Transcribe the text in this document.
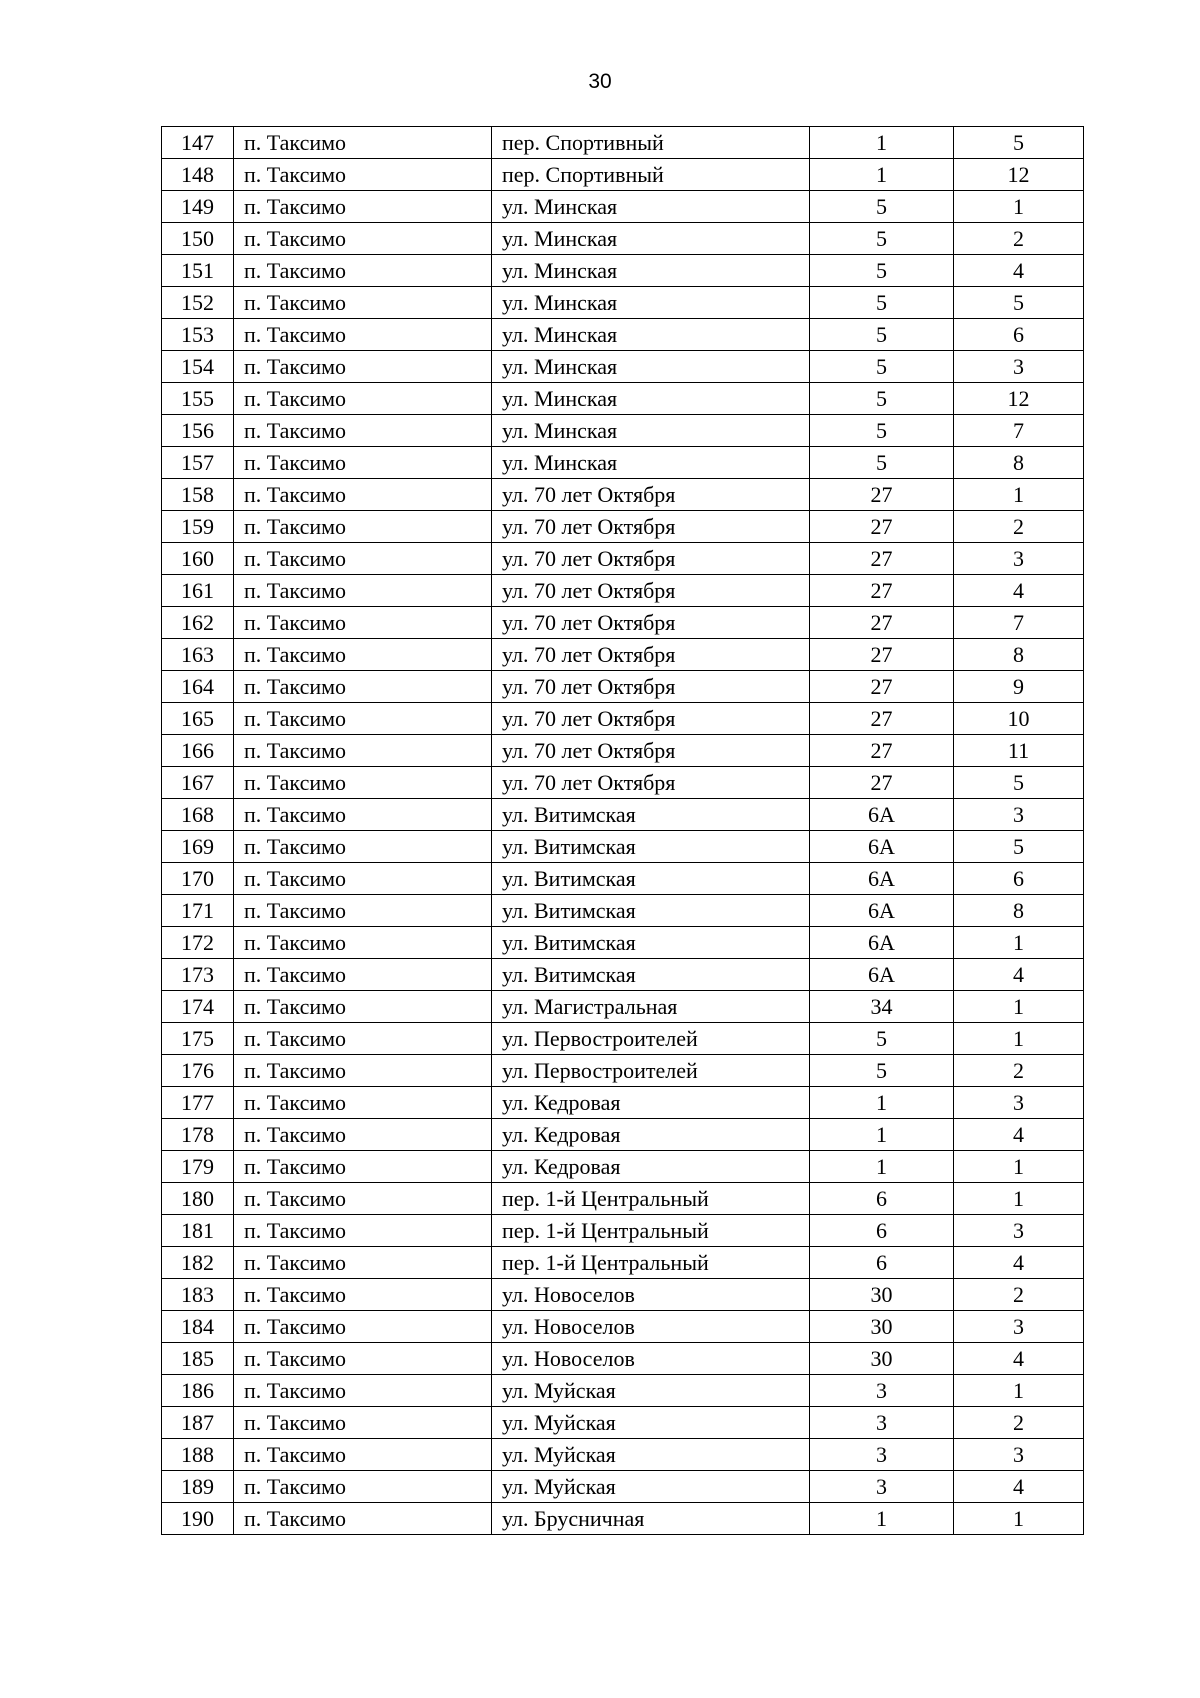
30
147	п. Таксимо	пер. Спортивный	1	5
148	п. Таксимо	пер. Спортивный	1	12
149	п. Таксимо	ул. Минская	5	1
150	п. Таксимо	ул. Минская	5	2
151	п. Таксимо	ул. Минская	5	4
152	п. Таксимо	ул. Минская	5	5
153	п. Таксимо	ул. Минская	5	6
154	п. Таксимо	ул. Минская	5	3
155	п. Таксимо	ул. Минская	5	12
156	п. Таксимо	ул. Минская	5	7
157	п. Таксимо	ул. Минская	5	8
158	п. Таксимо	ул. 70 лет Октября	27	1
159	п. Таксимо	ул. 70 лет Октября	27	2
160	п. Таксимо	ул. 70 лет Октября	27	3
161	п. Таксимо	ул. 70 лет Октября	27	4
162	п. Таксимо	ул. 70 лет Октября	27	7
163	п. Таксимо	ул. 70 лет Октября	27	8
164	п. Таксимо	ул. 70 лет Октября	27	9
165	п. Таксимо	ул. 70 лет Октября	27	10
166	п. Таксимо	ул. 70 лет Октября	27	11
167	п. Таксимо	ул. 70 лет Октября	27	5
168	п. Таксимо	ул. Витимская	6А	3
169	п. Таксимо	ул. Витимская	6А	5
170	п. Таксимо	ул. Витимская	6А	6
171	п. Таксимо	ул. Витимская	6А	8
172	п. Таксимо	ул. Витимская	6А	1
173	п. Таксимо	ул. Витимская	6А	4
174	п. Таксимо	ул. Магистральная	34	1
175	п. Таксимо	ул. Первостроителей	5	1
176	п. Таксимо	ул. Первостроителей	5	2
177	п. Таксимо	ул. Кедровая	1	3
178	п. Таксимо	ул. Кедровая	1	4
179	п. Таксимо	ул. Кедровая	1	1
180	п. Таксимо	пер. 1-й Центральный	6	1
181	п. Таксимо	пер. 1-й Центральный	6	3
182	п. Таксимо	пер. 1-й Центральный	6	4
183	п. Таксимо	ул. Новоселов	30	2
184	п. Таксимо	ул. Новоселов	30	3
185	п. Таксимо	ул. Новоселов	30	4
186	п. Таксимо	ул. Муйская	3	1
187	п. Таксимо	ул. Муйская	3	2
188	п. Таксимо	ул. Муйская	3	3
189	п. Таксимо	ул. Муйская	3	4
190	п. Таксимо	ул. Брусничная	1	1
